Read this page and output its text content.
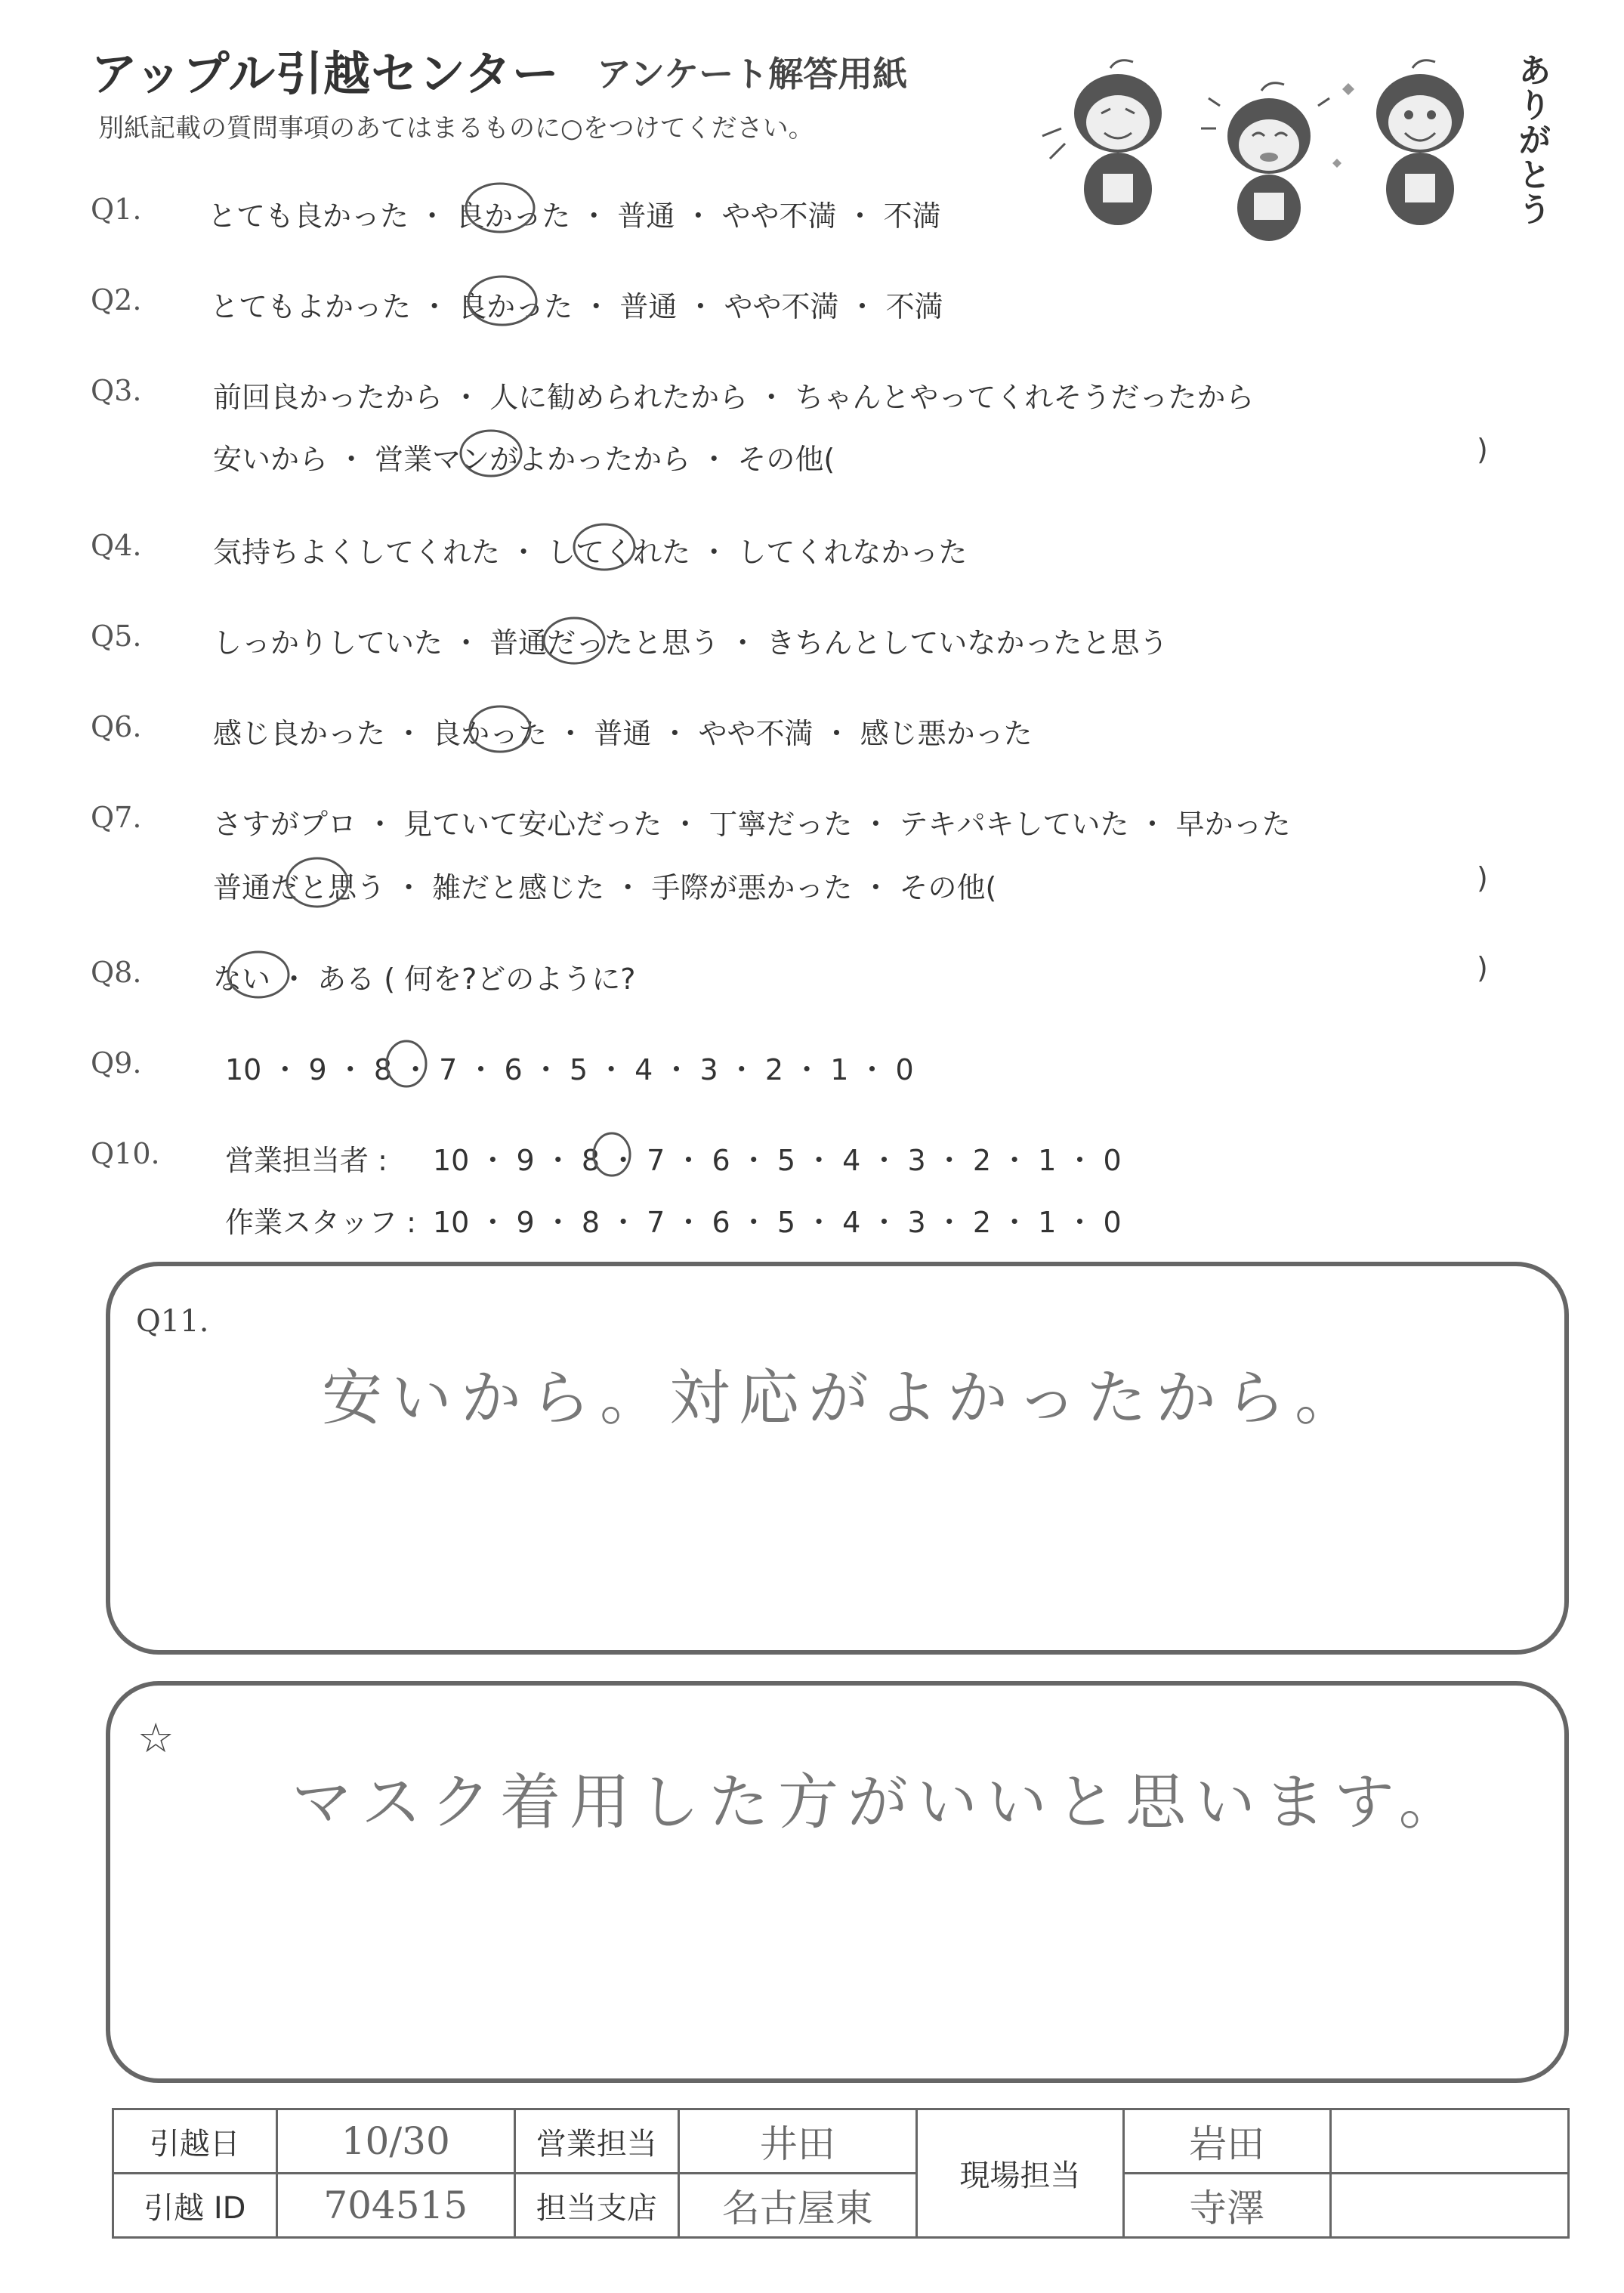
アップル引越センター アンケート解答用紙
別紙記載の質問事項のあてはまるものに○をつけてください。	ありがとう
Q1. とても良かった ・ 良かった ・ 普通 ・ やや不満 ・ 不満
Q2. とてもよかった ・ 良かった ・ 普通 ・ やや不満 ・ 不満
Q3. 前回良かったから ・ 人に勧められたから ・ ちゃんとやってくれそうだったから
安いから ・ 営業マンがよかったから ・ その他(	)
Q4. 気持ちよくしてくれた ・ してくれた ・ してくれなかった
Q5. しっかりしていた ・ 普通だったと思う ・ きちんとしていなかったと思う
Q6. 感じ良かった ・ 良かった ・ 普通 ・ やや不満 ・ 感じ悪かった
Q7. さすがプロ ・ 見ていて安心だった ・ 丁寧だった ・ テキパキしていた ・ 早かった
普通だと思う ・ 雑だと感じた ・ 手際が悪かった ・ その他(	)
Q8. ない ・ ある ( 何を?どのように?	)
Q9.	10 ・ 9 ・ 8 ・ 7 ・ 6 ・ 5 ・ 4 ・ 3 ・ 2 ・ 1 ・ 0
Q10. 営業担当者 : 10 ・ 9 ・ 8 ・ 7 ・ 6 ・ 5 ・ 4 ・ 3 ・ 2 ・ 1 ・ 0
作業スタッフ : 10 ・ 9 ・ 8 ・ 7 ・ 6 ・ 5 ・ 4 ・ 3 ・ 2 ・ 1 ・ 0
Q11.
安いから。対応がよかったから。
☆
マスク着用した方がいいと思います。
引越日	10/30	営業担当	井田	現場担当	岩田	
引越 ID	704515	担当支店	名古屋東		寺澤	
